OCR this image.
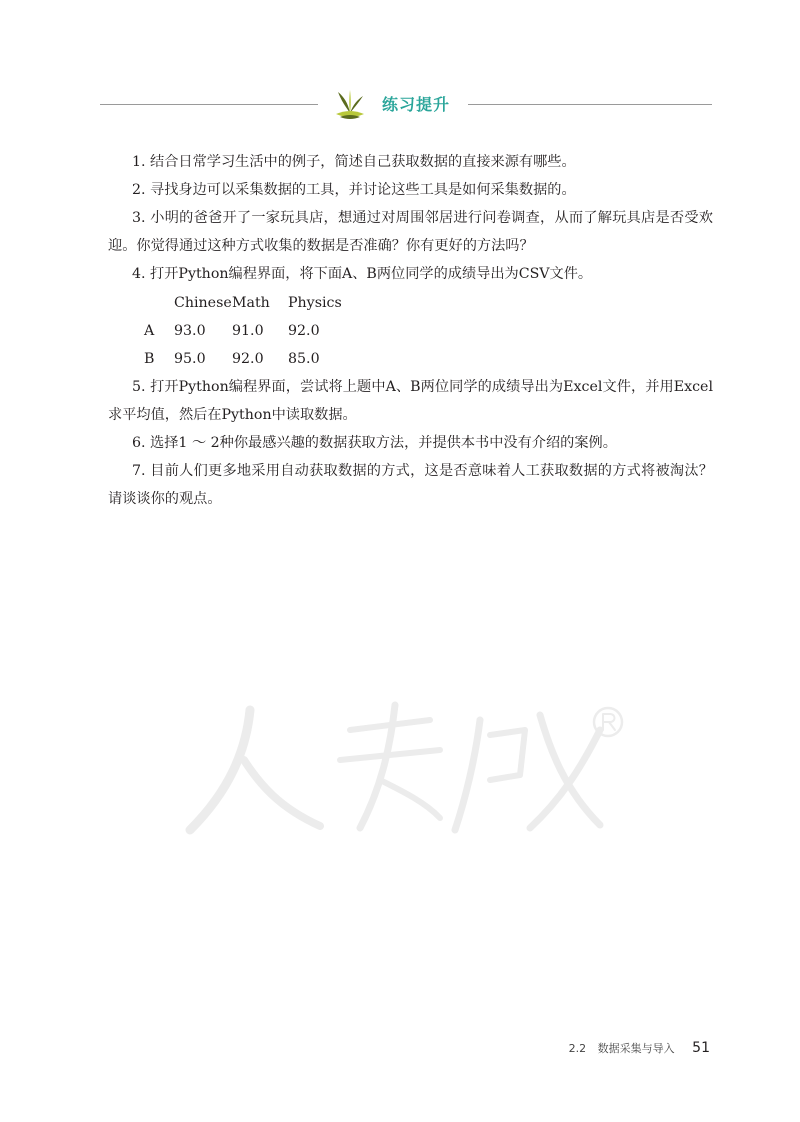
练习提升

1. 结合日常学习生活中的例子，简述自己获取数据的直接来源有哪些。

2. 寻找身边可以采集数据的工具，并讨论这些工具是如何采集数据的。

3. 小明的爸爸开了一家玩具店，想通过对周围邻居进行问卷调查，从而了解玩具店是否受欢迎。你觉得通过这种方式收集的数据是否准确？你有更好的方法吗？

4. 打开Python编程界面，将下面A、B两位同学的成绩导出为CSV文件。

	Chinese	Math	Physics
A	93.0	91.0	92.0
B	95.0	92.0	85.0

5. 打开Python编程界面，尝试将上题中A、B两位同学的成绩导出为Excel文件，并用Excel求平均值，然后在Python中读取数据。

6. 选择1 ～ 2种你最感兴趣的数据获取方法，并提供本书中没有介绍的案例。

7. 目前人们更多地采用自动获取数据的方式，这是否意味着人工获取数据的方式将被淘汰？请谈谈你的观点。

2.2 数据采集与导入 51
